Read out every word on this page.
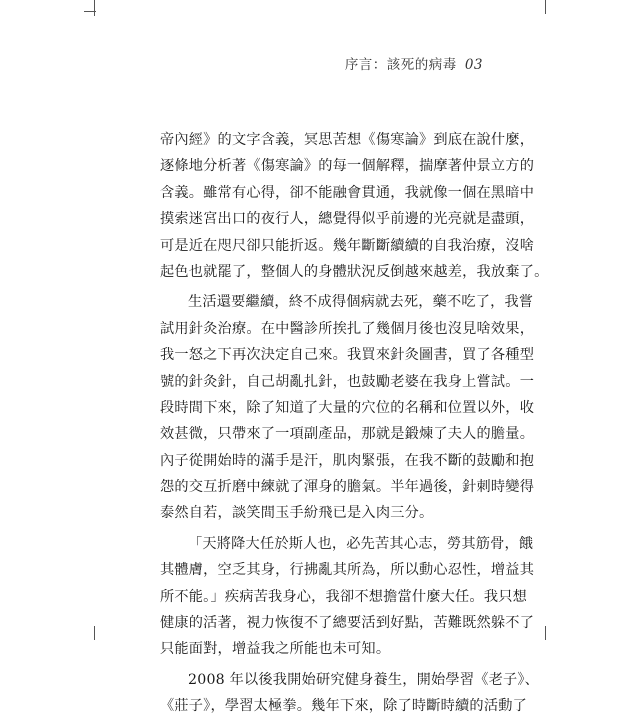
序言：該死的病毒 03
帝內經》的文字含義，冥思苦想《傷寒論》到底在說什麼，
逐條地分析著《傷寒論》的每一個解釋，揣摩著仲景立方的
含義。雖常有心得，卻不能融會貫通，我就像一個在黑暗中
摸索迷宮出口的夜行人，總覺得似乎前邊的光亮就是盡頭，
可是近在咫尺卻只能折返。幾年斷斷續續的自我治療，沒啥
起色也就罷了，整個人的身體狀況反倒越來越差，我放棄了。
生活還要繼續，終不成得個病就去死，藥不吃了，我嘗
試用針灸治療。在中醫診所挨扎了幾個月後也沒見啥效果，
我一怒之下再次決定自己來。我買來針灸圖書，買了各種型
號的針灸針，自己胡亂扎針，也鼓勵老婆在我身上嘗試。一
段時間下來，除了知道了大量的穴位的名稱和位置以外，收
效甚微，只帶來了一項副產品，那就是鍛煉了夫人的膽量。
內子從開始時的滿手是汗，肌肉緊張，在我不斷的鼓勵和抱
怨的交互折磨中練就了渾身的膽氣。半年過後，針刺時變得
泰然自若，談笑間玉手紛飛已是入肉三分。
「天將降大任於斯人也，必先苦其心志，勞其筋骨，餓
其體膚，空乏其身，行拂亂其所為，所以動心忍性，增益其
所不能。」疾病苦我身心，我卻不想擔當什麼大任。我只想
健康的活著，視力恢復不了總要活到好點，苦難既然躲不了
只能面對，增益我之所能也未可知。
2008 年以後我開始研究健身養生，開始學習《老子》、
《莊子》，學習太極拳。幾年下來，除了時斷時續的活動了
